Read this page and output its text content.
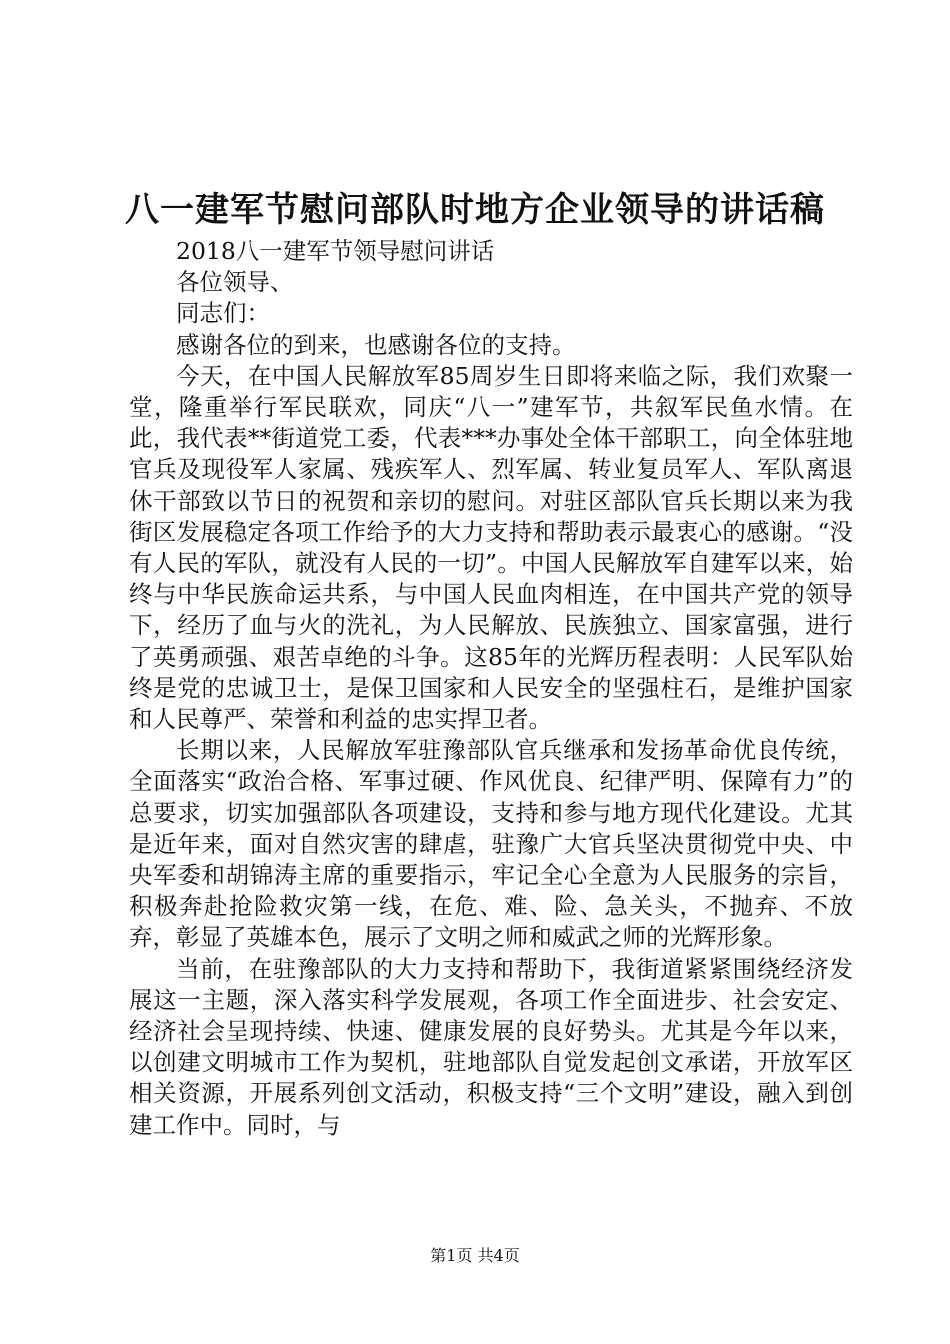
八一建军节慰问部队时地方企业领导的讲话稿

2018八一建军节领导慰问讲话

各位领导、

同志们：

感谢各位的到来，也感谢各位的支持。

今天，在中国人民解放军85周岁生日即将来临之际，我们欢聚一堂，隆重举行军民联欢，同庆“八一”建军节，共叙军民鱼水情。在此，我代表**街道党工委，代表***办事处全体干部职工，向全体驻地官兵及现役军人家属、残疾军人、烈军属、转业复员军人、军队离退休干部致以节日的祝贺和亲切的慰问。对驻区部队官兵长期以来为我街区发展稳定各项工作给予的大力支持和帮助表示最衷心的感谢。“没有人民的军队，就没有人民的一切”。中国人民解放军自建军以来，始终与中华民族命运共系，与中国人民血肉相连，在中国共产党的领导下，经历了血与火的洗礼，为人民解放、民族独立、国家富强，进行了英勇顽强、艰苦卓绝的斗争。这85年的光辉历程表明：人民军队始终是党的忠诚卫士，是保卫国家和人民安全的坚强柱石，是维护国家和人民尊严、荣誉和利益的忠实捍卫者。

长期以来，人民解放军驻豫部队官兵继承和发扬革命优良传统，全面落实“政治合格、军事过硬、作风优良、纪律严明、保障有力”的总要求，切实加强部队各项建设，支持和参与地方现代化建设。尤其是近年来，面对自然灾害的肆虐，驻豫广大官兵坚决贯彻党中央、中央军委和胡锦涛主席的重要指示，牢记全心全意为人民服务的宗旨，积极奔赴抢险救灾第一线，在危、难、险、急关头，不抛弃、不放弃，彰显了英雄本色，展示了文明之师和威武之师的光辉形象。

当前，在驻豫部队的大力支持和帮助下，我街道紧紧围绕经济发展这一主题，深入落实科学发展观，各项工作全面进步、社会安定、经济社会呈现持续、快速、健康发展的良好势头。尤其是今年以来，以创建文明城市工作为契机，驻地部队自觉发起创文承诺，开放军区相关资源，开展系列创文活动，积极支持“三个文明”建设，融入到创建工作中。同时，与

第1页 共4页
